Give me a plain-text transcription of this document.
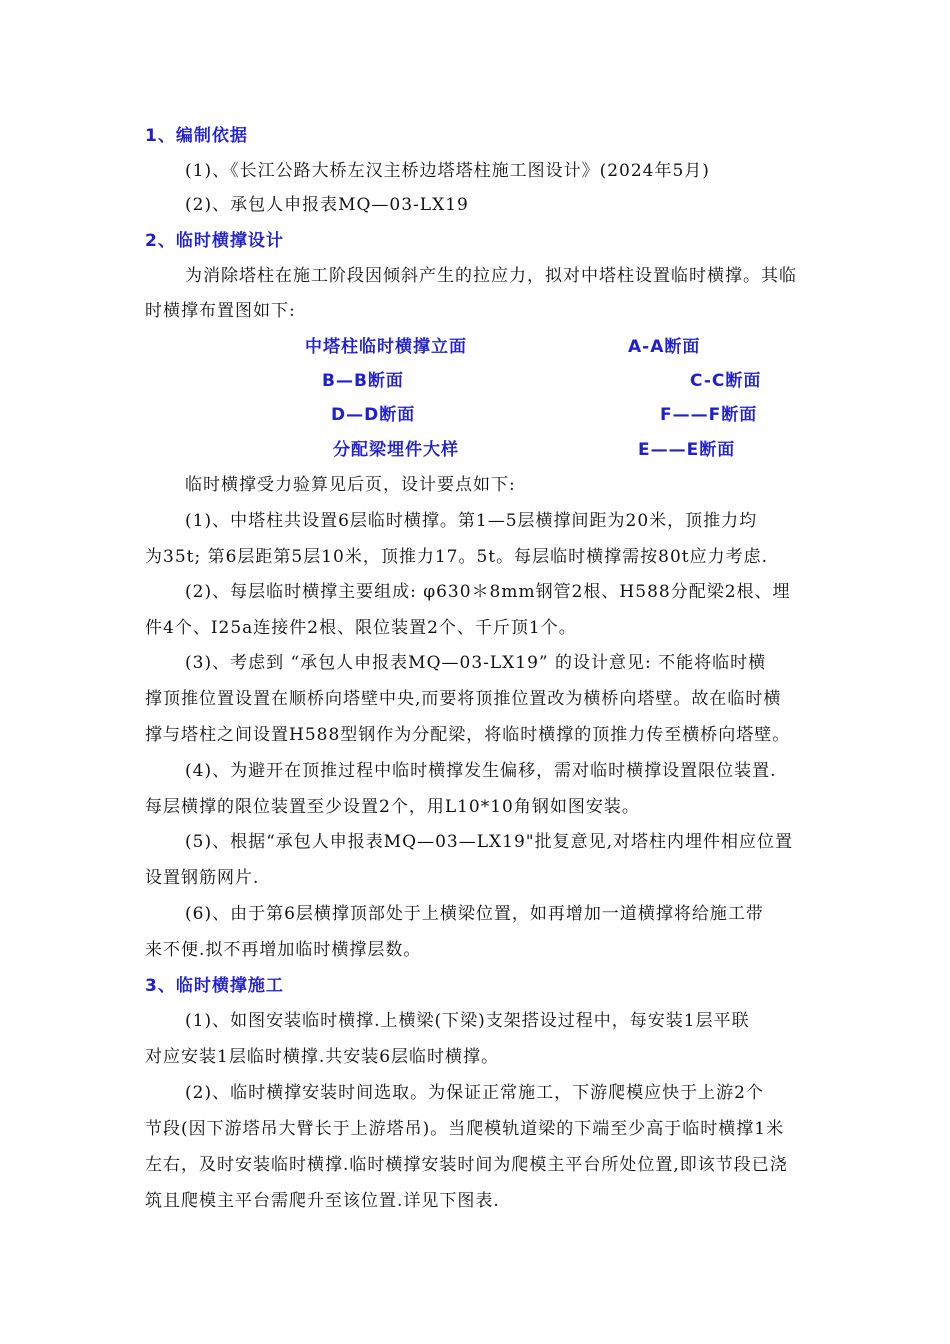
1、编制依据
(1)、《长江公路大桥左汉主桥边塔塔柱施工图设计》(2024年5月)
(2)、承包人申报表MQ—03-LX19
2、临时横撑设计
为消除塔柱在施工阶段因倾斜产生的拉应力，拟对中塔柱设置临时横撑。其临
时横撑布置图如下:
中塔柱临时横撑立面	A-A断面
B—B断面	C-C断面
D—D断面	F——F断面
分配梁埋件大样	E——E断面
临时横撑受力验算见后页，设计要点如下:
(1)、中塔柱共设置6层临时横撑。第1—5层横撑间距为20米，顶推力均
为35t; 第6层距第5层10米，顶推力17。5t。每层临时横撑需按80t应力考虑.
(2)、每层临时横撑主要组成: φ630＊8mm钢管2根、H588分配梁2根、埋
件4个、I25a连接件2根、限位装置2个、千斤顶1个。
(3)、考虑到 “承包人申报表MQ—03-LX19” 的设计意见: 不能将临时横
撑顶推位置设置在顺桥向塔壁中央,而要将顶推位置改为横桥向塔壁。故在临时横
撑与塔柱之间设置H588型钢作为分配梁，将临时横撑的顶推力传至横桥向塔壁。
(4)、为避开在顶推过程中临时横撑发生偏移，需对临时横撑设置限位装置.
每层横撑的限位装置至少设置2个，用L10*10角钢如图安装。
(5)、根据“承包人申报表MQ—03—LX19"批复意见,对塔柱内埋件相应位置
设置钢筋网片.
(6)、由于第6层横撑顶部处于上横梁位置，如再增加一道横撑将给施工带
来不便.拟不再增加临时横撑层数。
3、临时横撑施工
(1)、如图安装临时横撑.上横梁(下梁)支架搭设过程中，每安装1层平联
对应安装1层临时横撑.共安装6层临时横撑。
(2)、临时横撑安装时间选取。为保证正常施工，下游爬模应快于上游2个
节段(因下游塔吊大臂长于上游塔吊)。当爬模轨道梁的下端至少高于临时横撑1米
左右，及时安装临时横撑.临时横撑安装时间为爬模主平台所处位置,即该节段已浇
筑且爬模主平台需爬升至该位置.详见下图表.
